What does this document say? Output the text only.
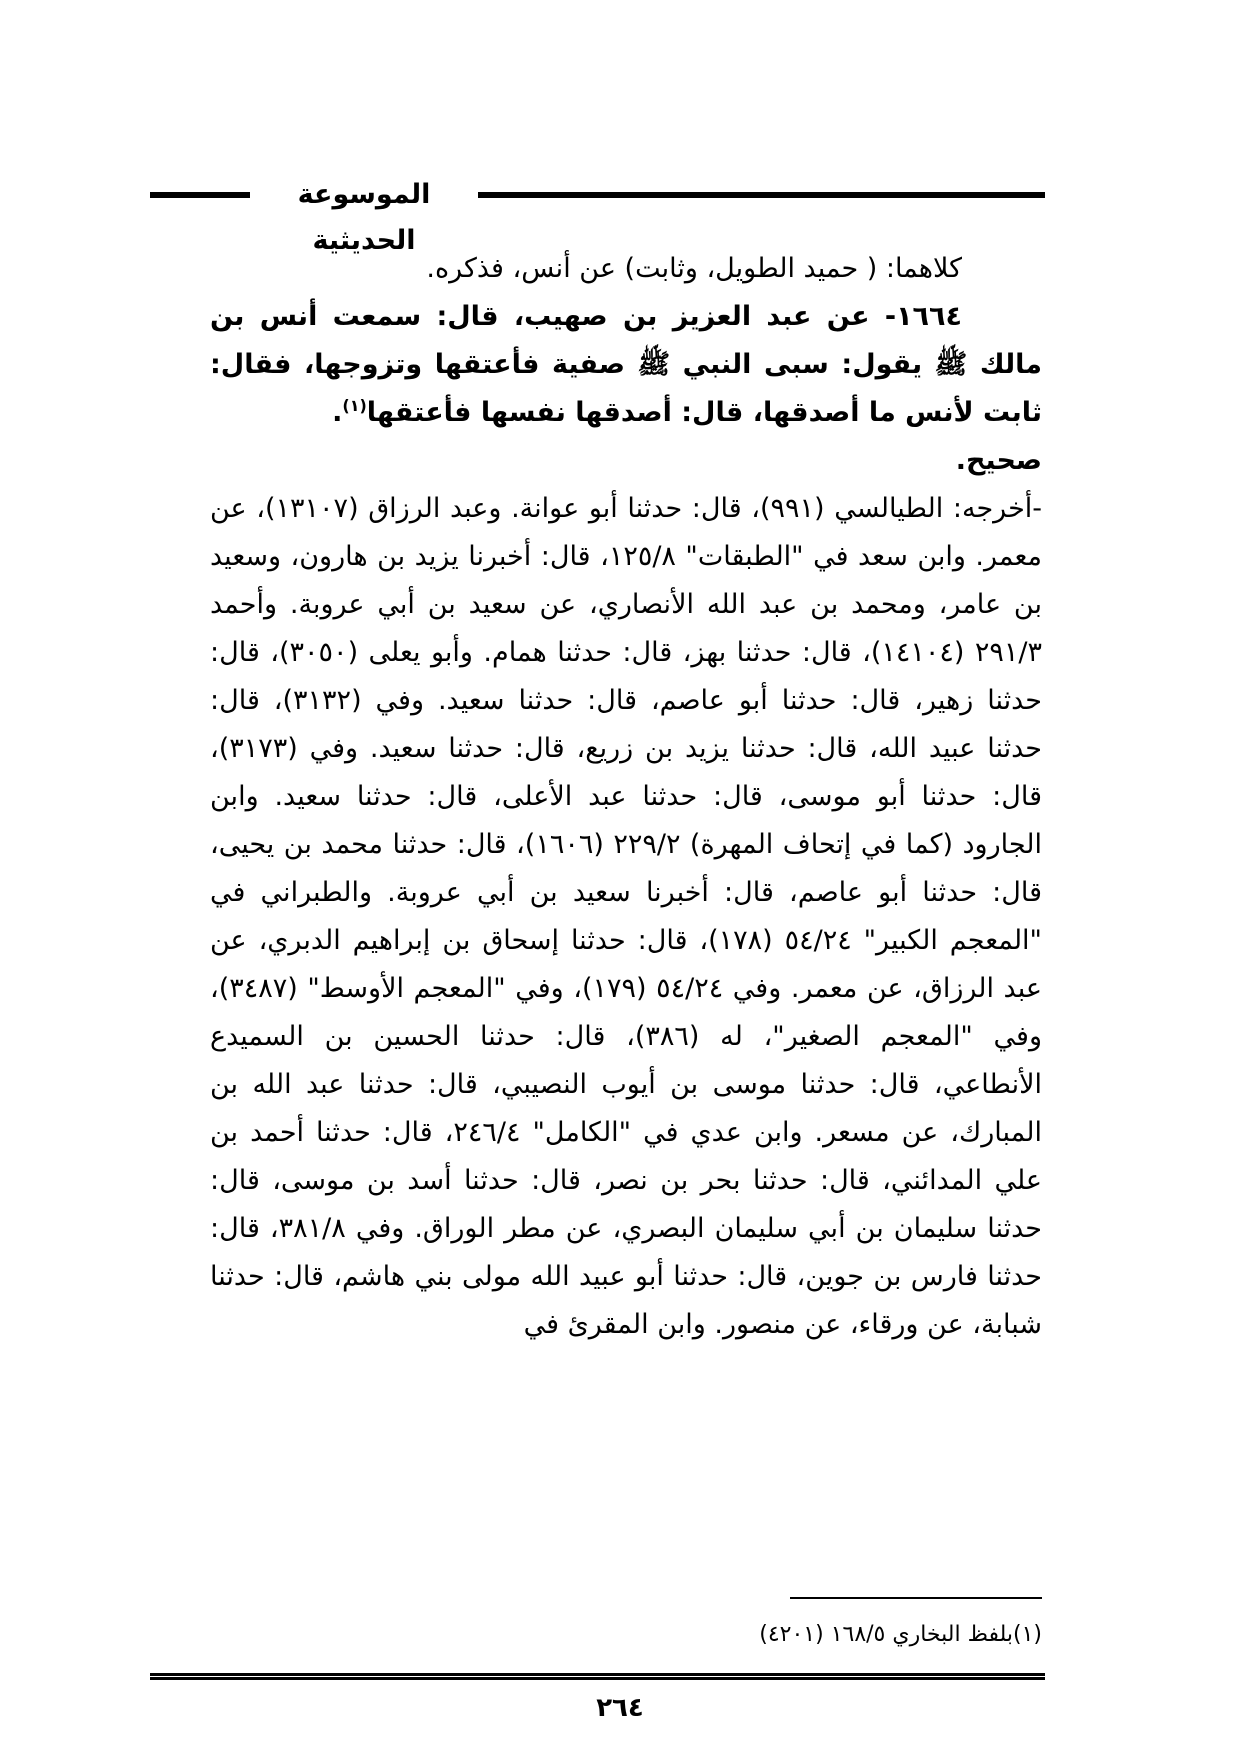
الموسوعة الحديثية

كلاهما: ( حميد الطويل، وثابت) عن أنس، فذكره.

١٦٦٤- عن عبد العزيز بن صهيب، قال: سمعت أنس بن مالك ﷺ يقول: سبى النبي ﷺ صفية فأعتقها وتزوجها، فقال: ثابت لأنس ما أصدقها، قال: أصدقها نفسها فأعتقها$^{(١)}$.

صحيح.

-أخرجه: الطيالسي (٩٩١)، قال: حدثنا أبو عوانة. وعبد الرزاق (١٣١٠٧)، عن معمر. وابن سعد في "الطبقات" ١٢٥/٨، قال: أخبرنا يزيد بن هارون، وسعيد بن عامر، ومحمد بن عبد الله الأنصاري، عن سعيد بن أبي عروبة. وأحمد ٢٩١/٣ (١٤١٠٤)، قال: حدثنا بهز، قال: حدثنا همام. وأبو يعلى (٣٠٥٠)، قال: حدثنا زهير، قال: حدثنا أبو عاصم، قال: حدثنا سعيد. وفي (٣١٣٢)، قال: حدثنا عبيد الله، قال: حدثنا يزيد بن زريع، قال: حدثنا سعيد. وفي (٣١٧٣)، قال: حدثنا أبو موسى، قال: حدثنا عبد الأعلى، قال: حدثنا سعيد. وابن الجارود (كما في إتحاف المهرة) ٢٢٩/٢ (١٦٠٦)، قال: حدثنا محمد بن يحيى، قال: حدثنا أبو عاصم، قال: أخبرنا سعيد بن أبي عروبة. والطبراني في "المعجم الكبير" ٥٤/٢٤ (١٧٨)، قال: حدثنا إسحاق بن إبراهيم الدبري، عن عبد الرزاق، عن معمر. وفي ٥٤/٢٤ (١٧٩)، وفي "المعجم الأوسط" (٣٤٨٧)، وفي "المعجم الصغير"، له (٣٨٦)، قال: حدثنا الحسين بن السميدع الأنطاعي، قال: حدثنا موسى بن أيوب النصيبي، قال: حدثنا عبد الله بن المبارك، عن مسعر. وابن عدي في "الكامل" ٢٤٦/٤، قال: حدثنا أحمد بن علي المدائني، قال: حدثنا بحر بن نصر، قال: حدثنا أسد بن موسى، قال: حدثنا سليمان بن أبي سليمان البصري، عن مطر الوراق. وفي ٣٨١/٨، قال: حدثنا فارس بن جوين، قال: حدثنا أبو عبيد الله مولى بني هاشم، قال: حدثنا شبابة، عن ورقاء، عن منصور. وابن المقرئ في

(١)بلفظ البخاري ١٦٨/٥ (٤٢٠١)
٢٦٤
